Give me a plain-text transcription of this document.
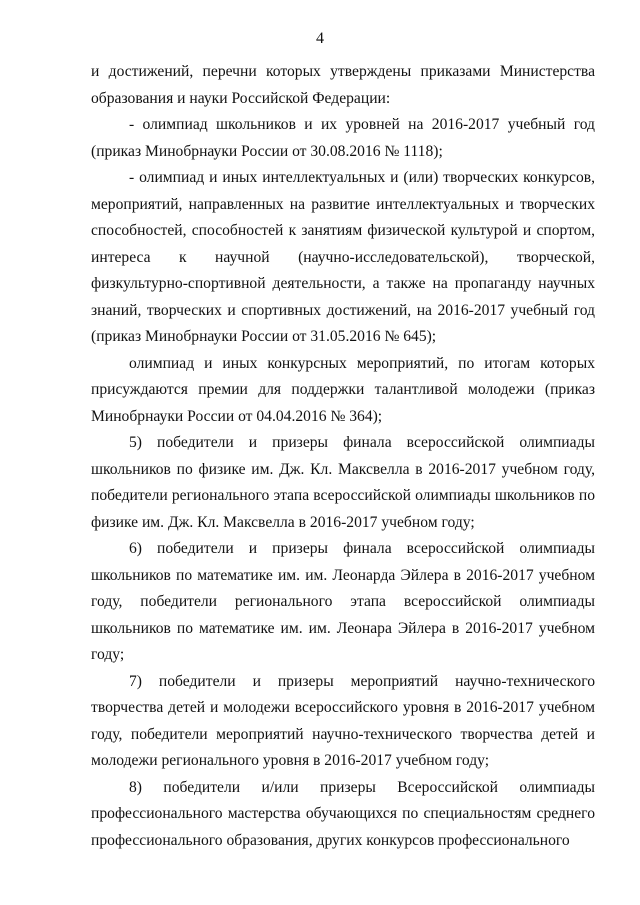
4

и достижений, перечни которых утверждены приказами Министерства образования и науки Российской Федерации:

- олимпиад школьников и их уровней на 2016-2017 учебный год (приказ Минобрнауки России от 30.08.2016 № 1118);

- олимпиад и иных интеллектуальных и (или) творческих конкурсов, мероприятий, направленных на развитие интеллектуальных и творческих способностей, способностей к занятиям физической культурой и спортом, интереса к научной (научно-исследовательской), творческой, физкультурно-спортивной деятельности, а также на пропаганду научных знаний, творческих и спортивных достижений, на 2016-2017 учебный год (приказ Минобрнауки России от 31.05.2016 № 645);

олимпиад и иных конкурсных мероприятий, по итогам которых присуждаются премии для поддержки талантливой молодежи (приказ Минобрнауки России от 04.04.2016 № 364);

5) победители и призеры финала всероссийской олимпиады школьников по физике им. Дж. Кл. Максвелла в 2016-2017 учебном году, победители регионального этапа всероссийской олимпиады школьников по физике им. Дж. Кл. Максвелла в 2016-2017 учебном году;

6) победители и призеры финала всероссийской олимпиады школьников по математике им. им. Леонарда Эйлера в 2016-2017 учебном году, победители регионального этапа всероссийской олимпиады школьников по математике им. им. Леонара Эйлера в 2016-2017 учебном году;

7) победители и призеры мероприятий научно-технического творчества детей и молодежи всероссийского уровня в 2016-2017 учебном году, победители мероприятий научно-технического творчества детей и молодежи регионального уровня в 2016-2017 учебном году;

8) победители и/или призеры Всероссийской олимпиады профессионального мастерства обучающихся по специальностям среднего профессионального образования, других конкурсов профессионального
